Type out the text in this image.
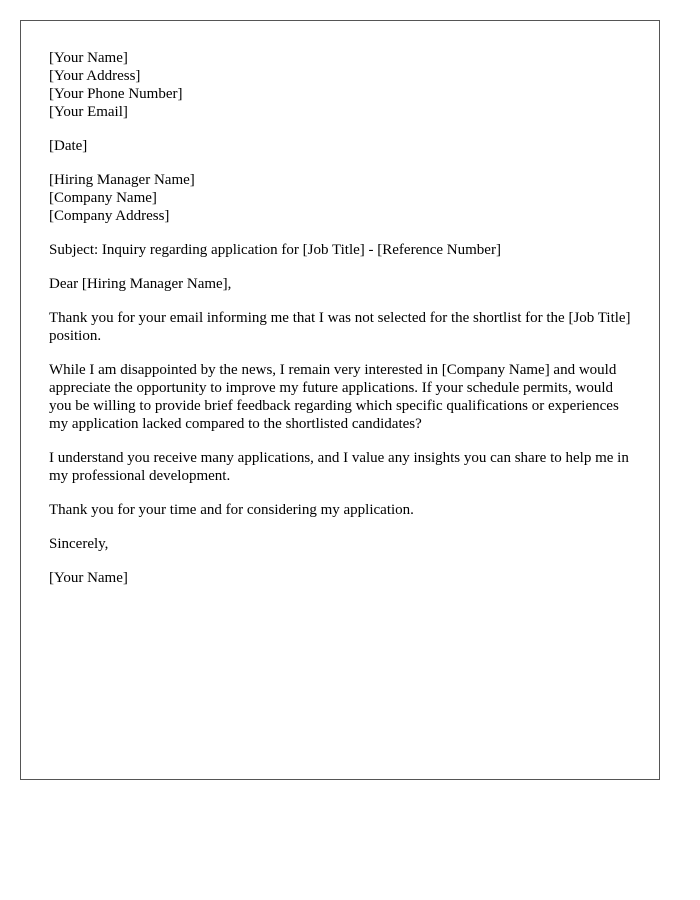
[Your Name]
[Your Address]
[Your Phone Number]
[Your Email]
[Date]
[Hiring Manager Name]
[Company Name]
[Company Address]

Subject: Inquiry regarding application for [Job Title] - [Reference Number]

Dear [Hiring Manager Name],

Thank you for your email informing me that I was not selected for the shortlist for the [Job Title] position.

While I am disappointed by the news, I remain very interested in [Company Name] and would appreciate the opportunity to improve my future applications. If your schedule permits, would you be willing to provide brief feedback regarding which specific qualifications or experiences my application lacked compared to the shortlisted candidates?

I understand you receive many applications, and I value any insights you can share to help me in my professional development.

Thank you for your time and for considering my application.

Sincerely,

[Your Name]
